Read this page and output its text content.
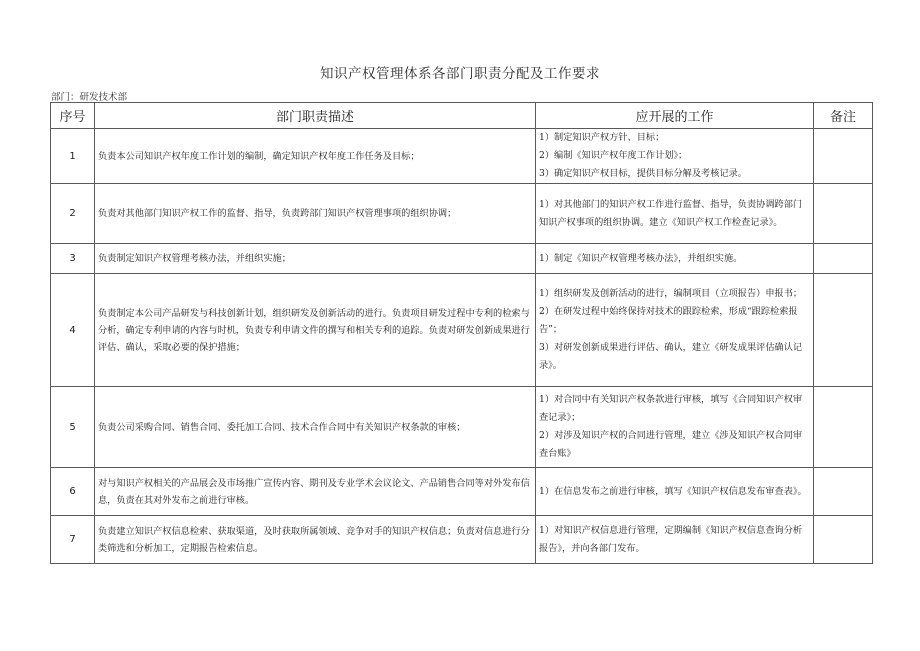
知识产权管理体系各部门职责分配及工作要求
部门：研发技术部
序号	部门职责描述	应开展的工作	备注
1	负责本公司知识产权年度工作计划的编制，确定知识产权年度工作任务及目标；	1）制定知识产权方针、目标；
2）编制《知识产权年度工作计划》；
3）确定知识产权目标，提供目标分解及考核记录。	

2	负责对其他部门知识产权工作的监督、指导，负责跨部门知识产权管理事项的组织协调；	1）对其他部门的知识产权工作进行监督、指导，负责协调跨部门知识产权事项的组织协调。建立《知识产权工作检查记录》。	

3	负责制定知识产权管理考核办法，并组织实施；	1）制定《知识产权管理考核办法》，并组织实施。	

4	负责制定本公司产品研发与科技创新计划，组织研发及创新活动的进行。负责项目研发过程中专利的检索与分析，确定专利申请的内容与时机，负责专利申请文件的撰写和相关专利的追踪。负责对研发创新成果进行评估、确认，采取必要的保护措施；	1）组织研发及创新活动的进行，编制项目（立项报告）申报书；
2）在研发过程中始终保持对技术的跟踪检索，形成“跟踪检索报告”；
3）对研发创新成果进行评估、确认，建立《研发成果评估确认记录》。	

5	负责公司采购合同、销售合同、委托加工合同、技术合作合同中有关知识产权条款的审核；	1）对合同中有关知识产权条款进行审核，填写《合同知识产权审查记录》；
2）对涉及知识产权的合同进行管理，建立《涉及知识产权合同审查台账》	

6	对与知识产权相关的产品展会及市场推广宣传内容、期刊及专业学术会议论文、产品销售合同等对外发布信息，负责在其对外发布之前进行审核。	1）在信息发布之前进行审核，填写《知识产权信息发布审查表》。	

7	负责建立知识产权信息检索、获取渠道，及时获取所属领域、竞争对手的知识产权信息；负责对信息进行分类筛选和分析加工，定期报告检索信息。	1）对知识产权信息进行管理，定期编制《知识产权信息查询分析报告》，并向各部门发布。	
